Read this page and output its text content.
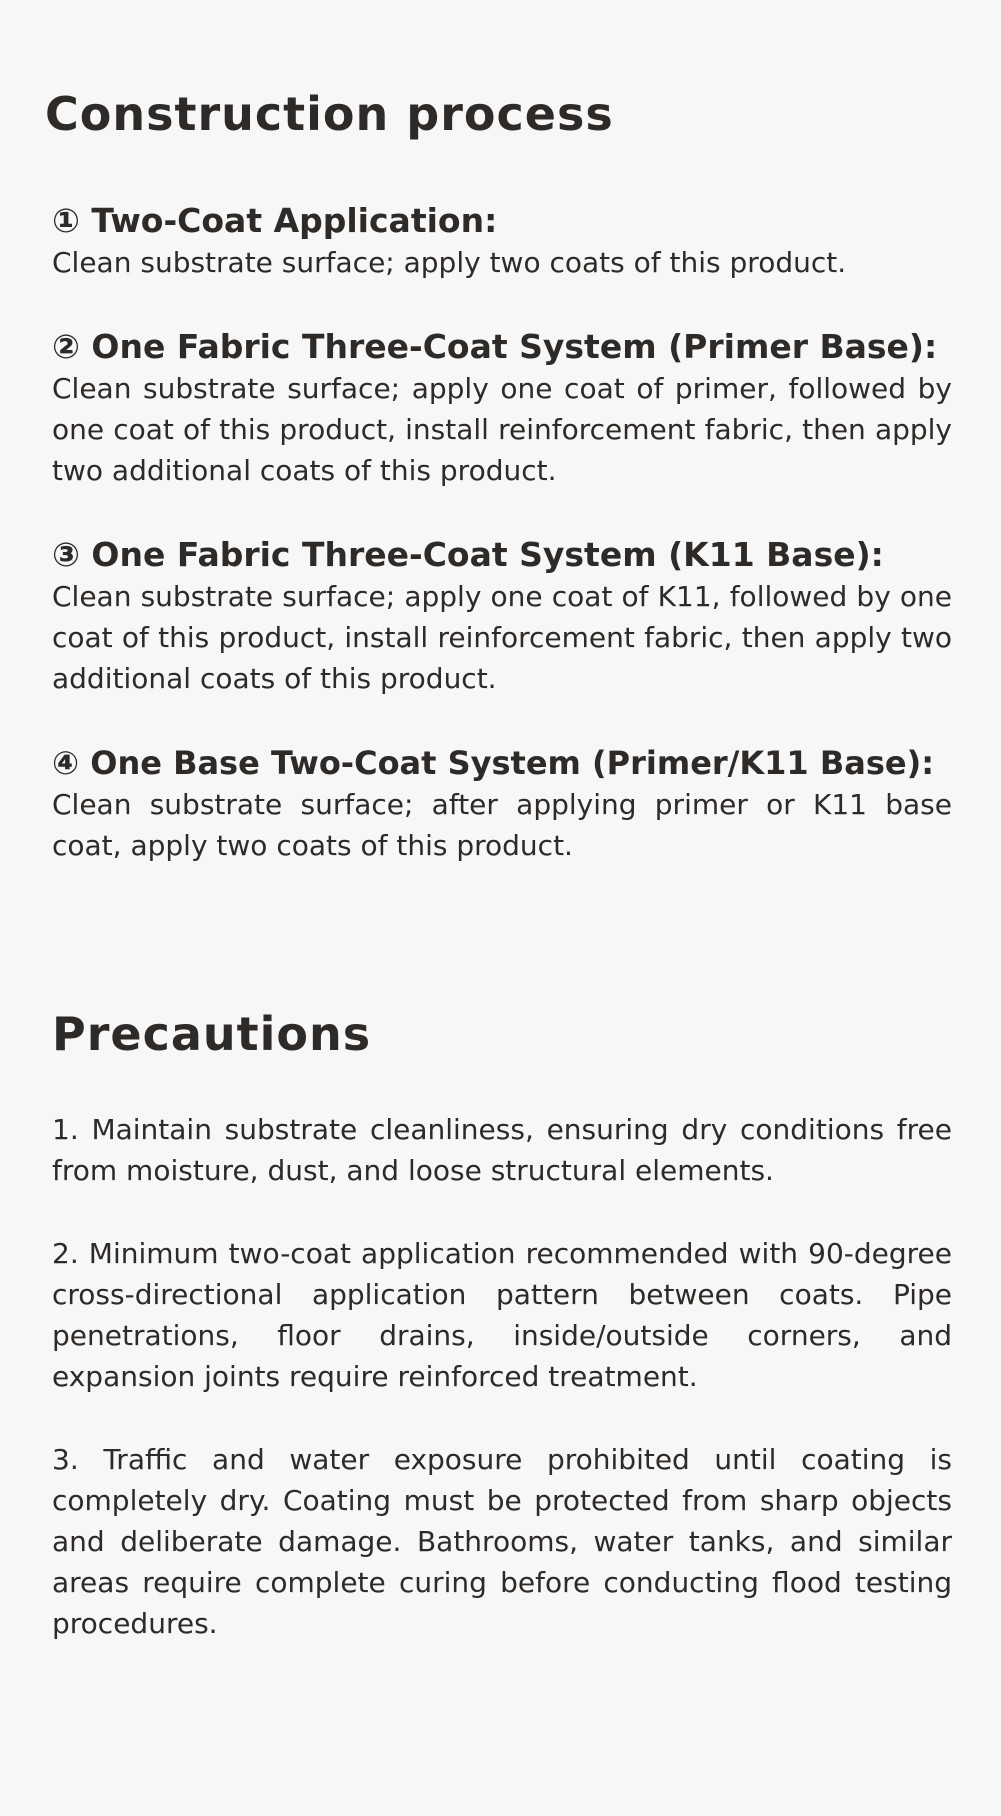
Construction process
① Two-Coat Application:
Clean substrate surface; apply two coats of this product.
② One Fabric Three-Coat System (Primer Base):
Clean substrate surface; apply one coat of primer, followed by one coat of this product, install reinforcement fabric, then apply two additional coats of this product.
③ One Fabric Three-Coat System (K11 Base):
Clean substrate surface; apply one coat of K11, followed by one coat of this product, install reinforcement fabric, then apply two additional coats of this product.
④ One Base Two-Coat System (Primer/K11 Base):
Clean substrate surface; after applying primer or K11 base coat, apply two coats of this product.
Precautions

1. Maintain substrate cleanliness, ensuring dry conditions free from moisture, dust, and loose structural elements.

2. Minimum two-coat application recommended with 90-degree cross-directional application pattern between coats. Pipe penetrations, floor drains, inside/outside corners, and expansion joints require reinforced treatment.

3. Traffic and water exposure prohibited until coating is completely dry. Coating must be protected from sharp objects and deliberate damage. Bathrooms, water tanks, and similar areas require complete curing before conducting flood testing procedures.
